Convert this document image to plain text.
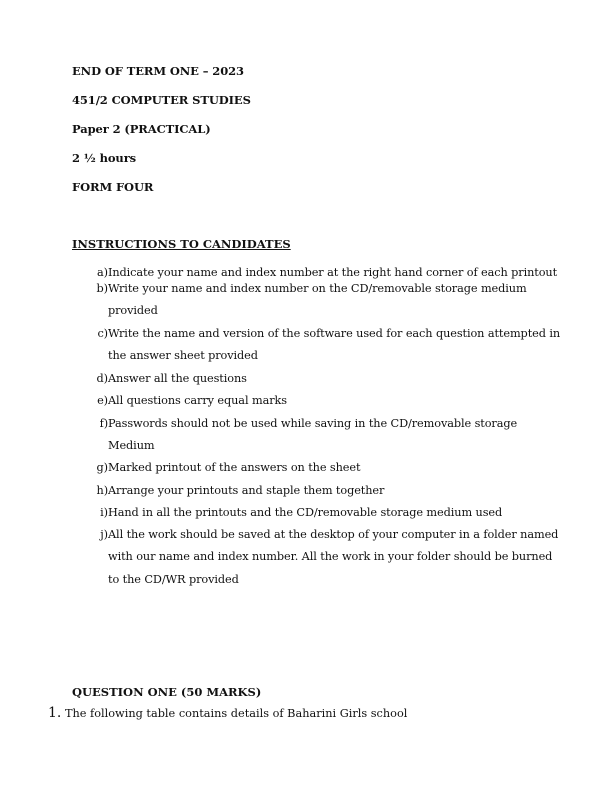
END OF TERM ONE – 2023
451/2 COMPUTER STUDIES
Paper 2 (PRACTICAL)
2 ½ hours
FORM FOUR
INSTRUCTIONS TO CANDIDATES
a) Indicate your name and index number at the right hand corner of each printout
b) Write your name and index number on the CD/removable storage medium
provided
c) Write the name and version of the software used for each question attempted in
the answer sheet provided
d) Answer all the questions
e) All questions carry equal marks
f) Passwords should not be used while saving in the CD/removable storage
Medium
g) Marked printout of the answers on the sheet
h) Arrange your printouts and staple them together
i) Hand in all the printouts and the CD/removable storage medium used
j) All the work should be saved at the desktop of your computer in a folder named
with our name and index number. All the work in your folder should be burned
to the CD/WR provided
QUESTION ONE (50 MARKS)
1. The following table contains details of Baharini Girls school
